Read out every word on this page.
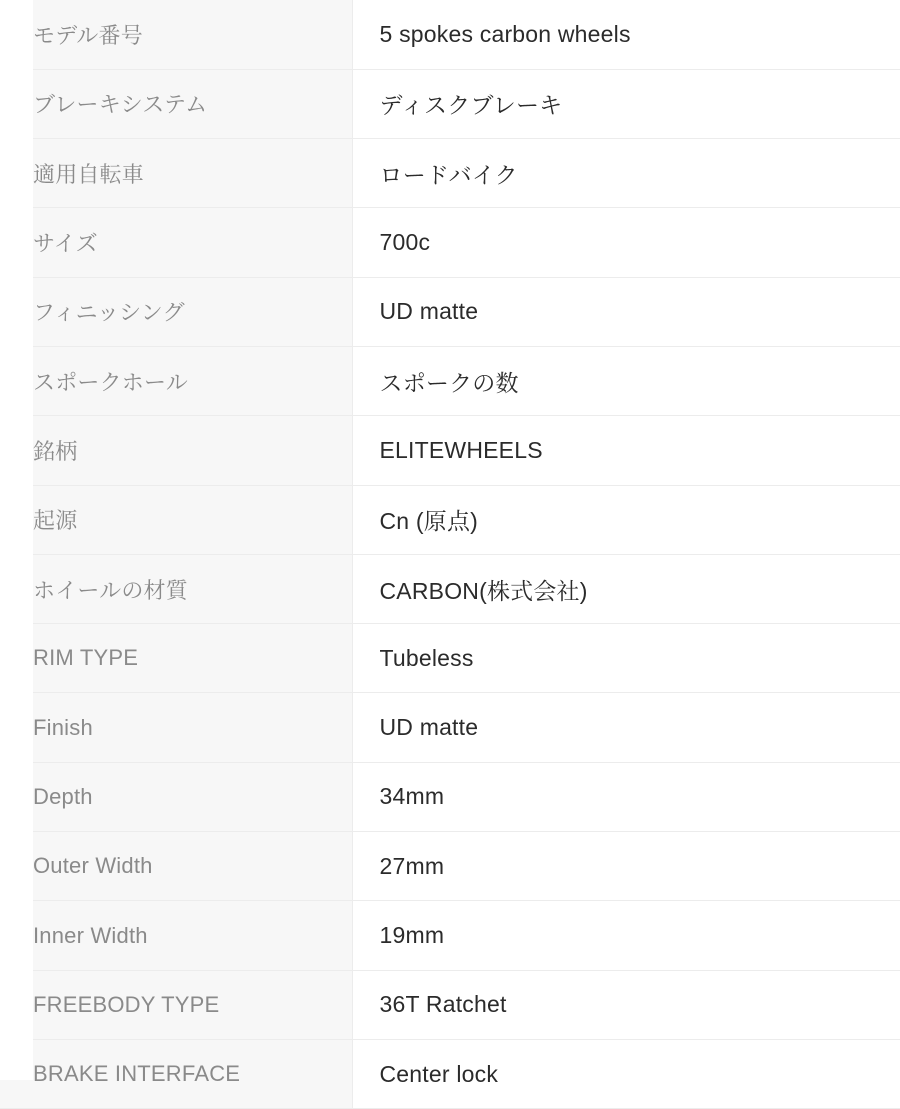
モデル番号	5 spokes carbon wheels
ブレーキシステム	ディスクブレーキ
適用自転車	ロードバイク
サイズ	700c
フィニッシング	UD matte
スポークホール	スポークの数
銘柄	ELITEWHEELS
起源	Cn (原点)
ホイールの材質	CARBON(株式会社)
RIM TYPE	Tubeless
Finish	UD matte
Depth	34mm
Outer Width	27mm
Inner Width	19mm
FREEBODY TYPE	36T Ratchet
BRAKE INTERFACE	Center lock
